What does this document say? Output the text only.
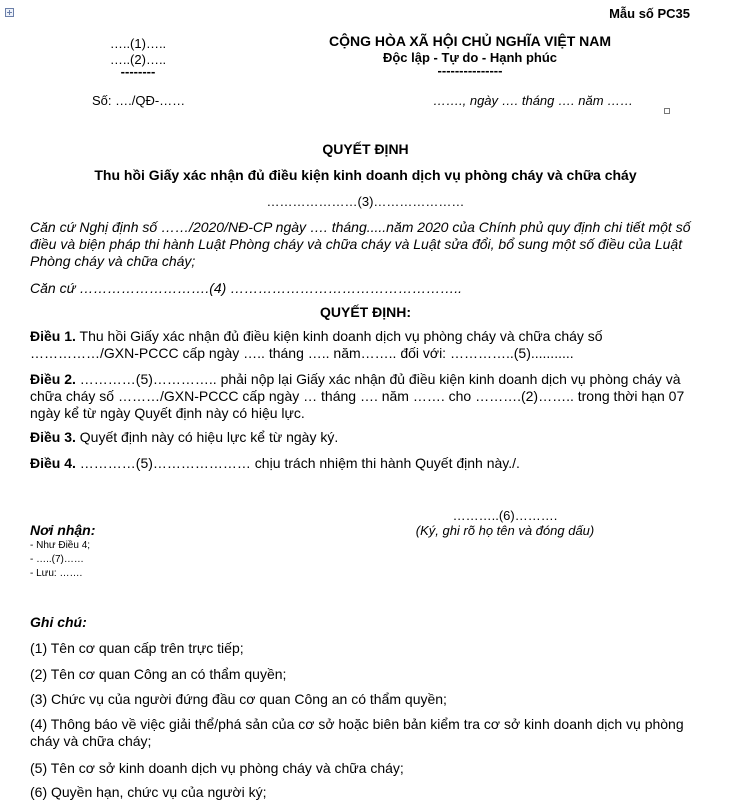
Mẫu số PC35
…..(1)…..
…..(2)…..
--------
CỘNG HÒA XÃ HỘI CHỦ NGHĨA VIỆT NAM
Độc lập - Tự do - Hạnh phúc
---------------
Số: …./QĐ-……	……., ngày …. tháng …. năm ……
QUYẾT ĐỊNH
Thu hồi Giấy xác nhận đủ điều kiện kinh doanh dịch vụ phòng cháy và chữa cháy
…………………(3)…………………
Căn cứ Nghị định số ……/2020/NĐ-CP ngày …. tháng.....năm 2020 của Chính phủ quy định chi tiết một số điều và biện pháp thi hành Luật Phòng cháy và chữa cháy và Luật sửa đổi, bổ sung một số điều của Luật Phòng cháy và chữa cháy;
Căn cứ ……………………….(4) …………………………………………..
QUYẾT ĐỊNH:
Điều 1. Thu hồi Giấy xác nhận đủ điều kiện kinh doanh dịch vụ phòng cháy và chữa cháy số ……………/GXN-PCCC cấp ngày ….. tháng ….. năm…….. đối với: …………..(5)...........
Điều 2. …………(5)………….. phải nộp lại Giấy xác nhận đủ điều kiện kinh doanh dịch vụ phòng cháy và chữa cháy số ………/GXN-PCCC cấp ngày … tháng …. năm ……. cho ……….(2)…….. trong thời hạn 07 ngày kể từ ngày Quyết định này có hiệu lực.
Điều 3. Quyết định này có hiệu lực kể từ ngày ký.
Điều 4. …………(5)………………… chịu trách nhiệm thi hành Quyết định này./.
………..(6)……….
(Ký, ghi rõ họ tên và đóng dấu)
Nơi nhận:
- Như Điều 4;
- …..(7)……
- Lưu: …….
Ghi chú:
(1) Tên cơ quan cấp trên trực tiếp;
(2) Tên cơ quan Công an có thẩm quyền;
(3) Chức vụ của người đứng đầu cơ quan Công an có thẩm quyền;
(4) Thông báo về việc giải thể/phá sản của cơ sở hoặc biên bản kiểm tra cơ sở kinh doanh dịch vụ phòng cháy và chữa cháy;
(5) Tên cơ sở kinh doanh dịch vụ phòng cháy và chữa cháy;
(6) Quyền hạn, chức vụ của người ký;
